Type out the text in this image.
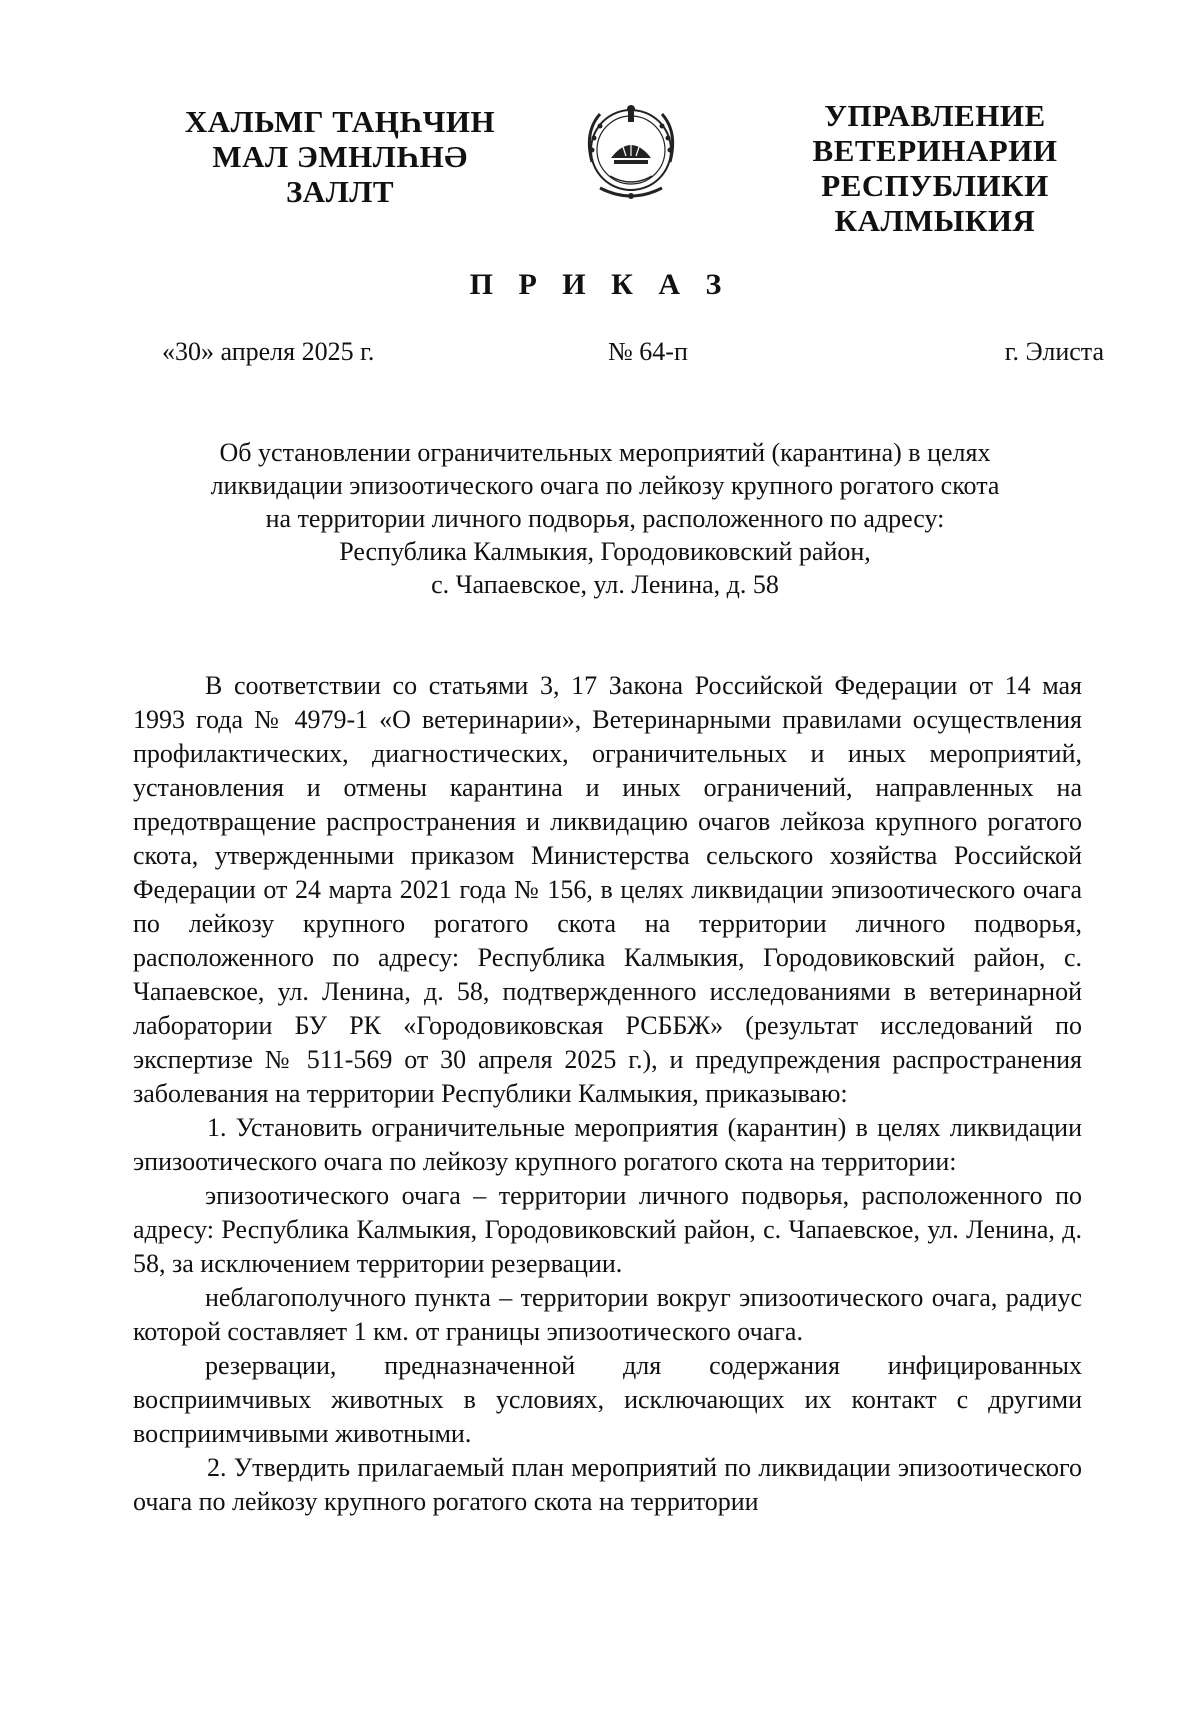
ХАЛЬМГ ТАҢҺЧИН
МАЛ ЭМНЛҺНӘ
ЗАЛЛТ
УПРАВЛЕНИЕ
ВЕТЕРИНАРИИ
РЕСПУБЛИКИ
КАЛМЫКИЯ
П Р И К А З
«30» апреля 2025 г.	№ 64-п	г. Элиста
Об установлении ограничительных мероприятий (карантина) в целях
ликвидации эпизоотического очага по лейкозу крупного рогатого скота
на территории личного подворья, расположенного по адресу:
Республика Калмыкия, Городовиковский район,
с. Чапаевское, ул. Ленина, д. 58

В соответствии со статьями 3, 17 Закона Российской Федерации от 14 мая 1993 года № 4979-1 «О ветеринарии», Ветеринарными правилами осуществления профилактических, диагностических, ограничительных и иных мероприятий, установления и отмены карантина и иных ограничений, направленных на предотвращение распространения и ликвидацию очагов лейкоза крупного рогатого скота, утвержденными приказом Министерства сельского хозяйства Российской Федерации от 24 марта 2021 года № 156, в целях ликвидации эпизоотического очага по лейкозу крупного рогатого скота на территории личного подворья, расположенного по адресу: Республика Калмыкия, Городовиковский район, с. Чапаевское, ул. Ленина, д. 58, подтвержденного исследованиями в ветеринарной лаборатории БУ РК «Городовиковская РСББЖ» (результат исследований по экспертизе № 511-569 от 30 апреля 2025 г.), и предупреждения распространения заболевания на территории Республики Калмыкия, приказываю:

1. Установить ограничительные мероприятия (карантин) в целях ликвидации эпизоотического очага по лейкозу крупного рогатого скота на территории:

эпизоотического очага – территории личного подворья, расположенного по адресу: Республика Калмыкия, Городовиковский район, с. Чапаевское, ул. Ленина, д. 58, за исключением территории резервации.

неблагополучного пункта – территории вокруг эпизоотического очага, радиус которой составляет 1 км. от границы эпизоотического очага.

резервации, предназначенной для содержания инфицированных восприимчивых животных в условиях, исключающих их контакт с другими восприимчивыми животными.

2. Утвердить прилагаемый план мероприятий по ликвидации эпизоотического очага по лейкозу крупного рогатого скота на территории
